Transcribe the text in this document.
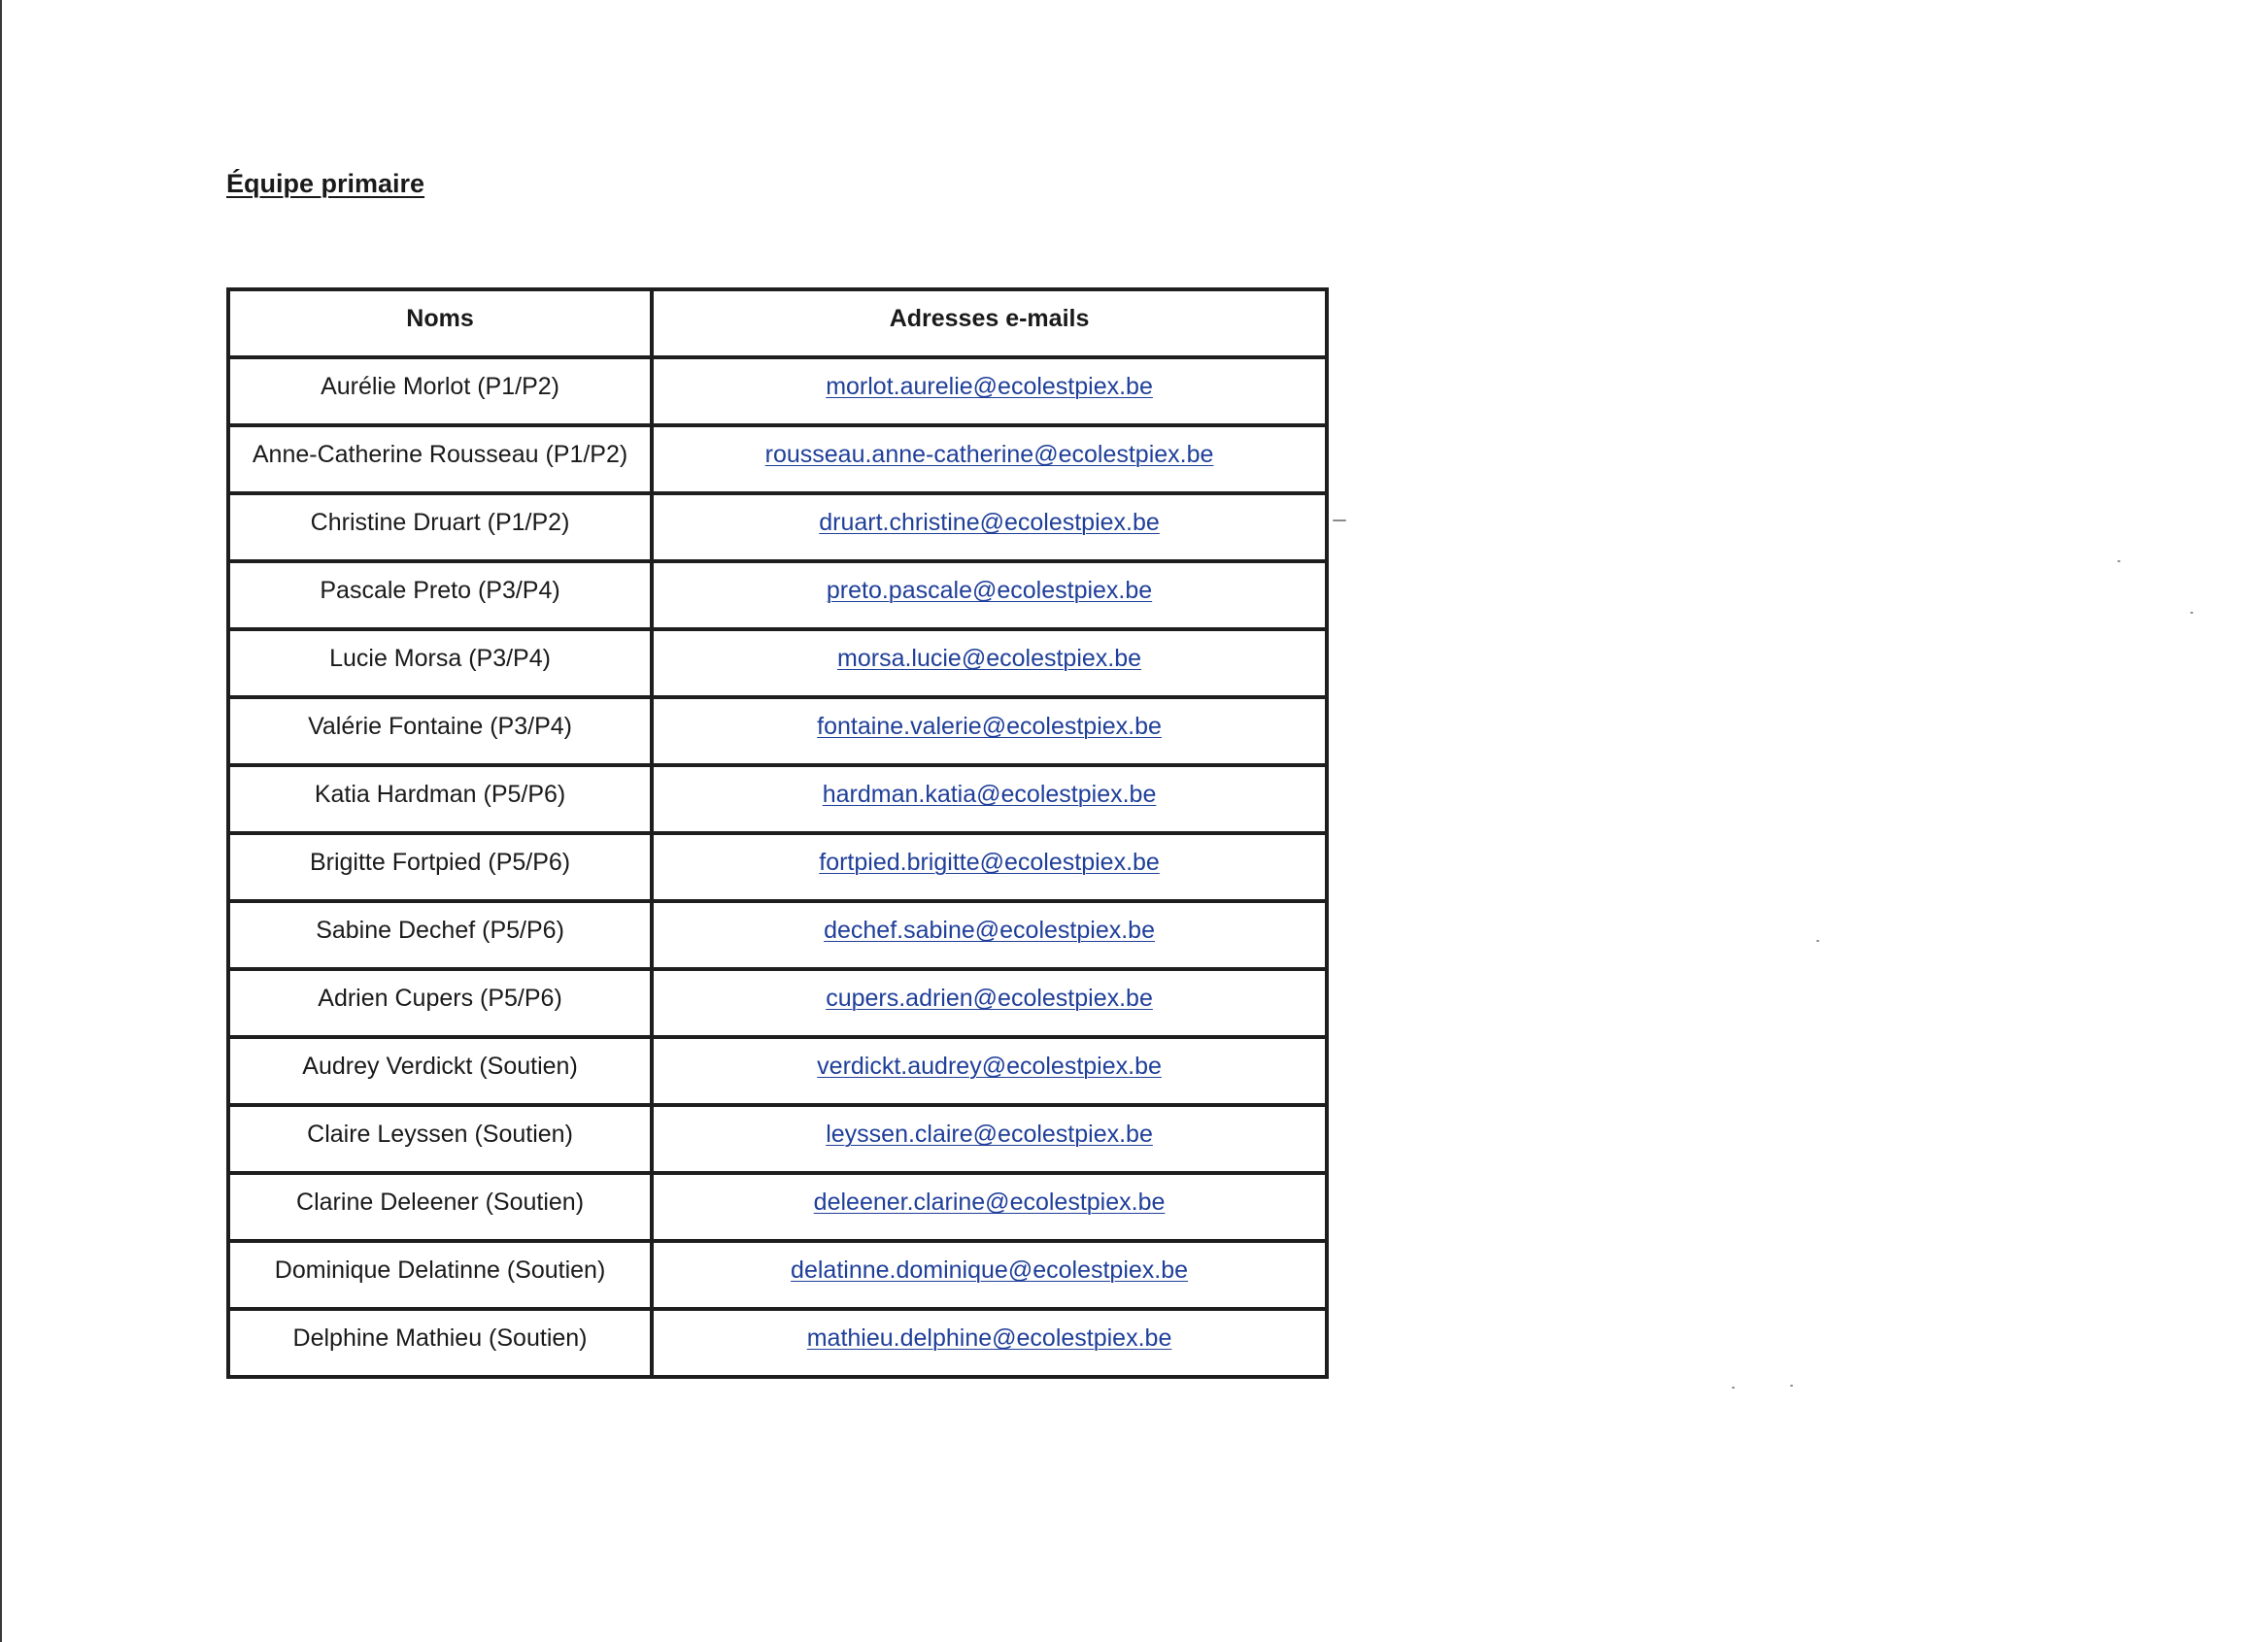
Équipe primaire
Noms	Adresses e-mails
Aurélie Morlot (P1/P2)	morlot.aurelie@ecolestpiex.be
Anne-Catherine Rousseau (P1/P2)	rousseau.anne-catherine@ecolestpiex.be
Christine Druart (P1/P2)	druart.christine@ecolestpiex.be
Pascale Preto (P3/P4)	preto.pascale@ecolestpiex.be
Lucie Morsa (P3/P4)	morsa.lucie@ecolestpiex.be
Valérie Fontaine (P3/P4)	fontaine.valerie@ecolestpiex.be
Katia Hardman (P5/P6)	hardman.katia@ecolestpiex.be
Brigitte Fortpied (P5/P6)	fortpied.brigitte@ecolestpiex.be
Sabine Dechef (P5/P6)	dechef.sabine@ecolestpiex.be
Adrien Cupers (P5/P6)	cupers.adrien@ecolestpiex.be
Audrey Verdickt (Soutien)	verdickt.audrey@ecolestpiex.be
Claire Leyssen (Soutien)	leyssen.claire@ecolestpiex.be
Clarine Deleener (Soutien)	deleener.clarine@ecolestpiex.be
Dominique Delatinne (Soutien)	delatinne.dominique@ecolestpiex.be
Delphine Mathieu (Soutien)	mathieu.delphine@ecolestpiex.be
